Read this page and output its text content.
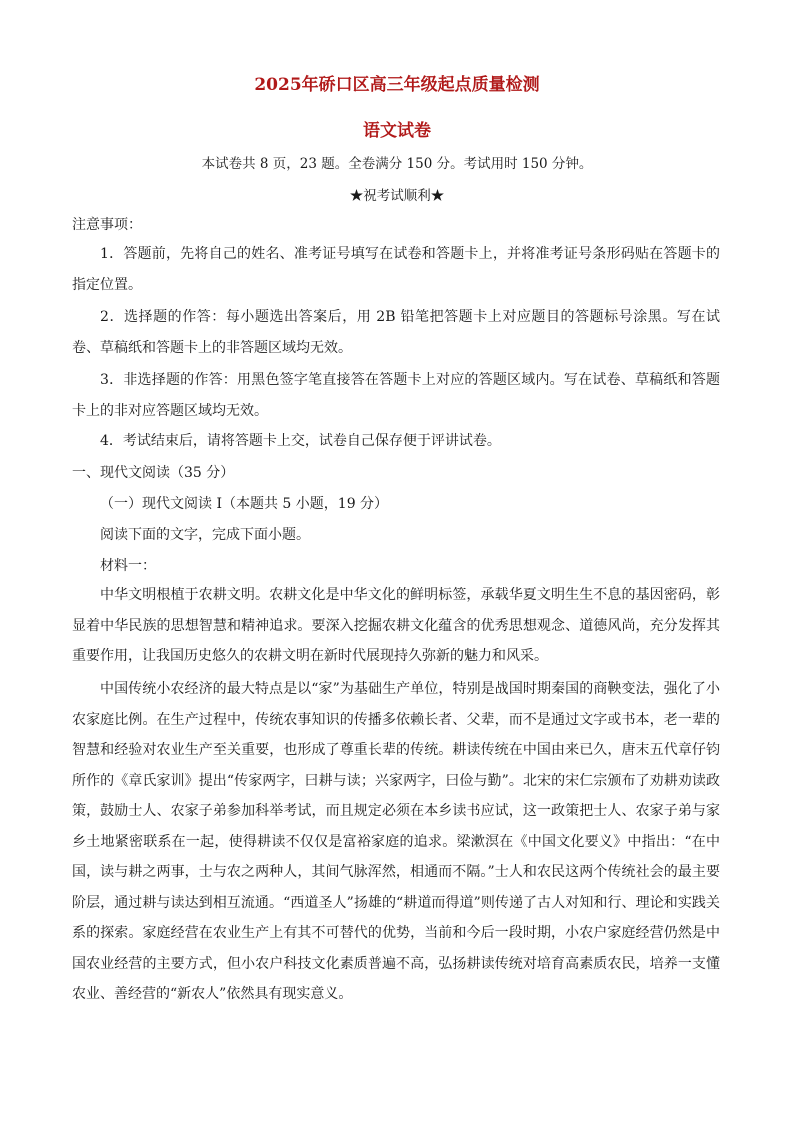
2025年硚口区高三年级起点质量检测
语文试卷
本试卷共 8 页，23 题。全卷满分 150 分。考试用时 150 分钟。
★祝考试顺利★
注意事项：

1．答题前，先将自己的姓名、准考证号填写在试卷和答题卡上，并将准考证号条形码贴在答题卡的指定位置。

2．选择题的作答：每小题选出答案后，用 2B 铅笔把答题卡上对应题目的答题标号涂黑。写在试卷、草稿纸和答题卡上的非答题区域均无效。

3．非选择题的作答：用黑色签字笔直接答在答题卡上对应的答题区域内。写在试卷、草稿纸和答题卡上的非对应答题区域均无效。

4．考试结束后，请将答题卡上交，试卷自己保存便于评讲试卷。

一、现代文阅读（35 分）
（一）现代文阅读 I（本题共 5 小题，19 分）
阅读下面的文字，完成下面小题。
材料一：

中华文明根植于农耕文明。农耕文化是中华文化的鲜明标签，承载华夏文明生生不息的基因密码，彰显着中华民族的思想智慧和精神追求。要深入挖掘农耕文化蕴含的优秀思想观念、道德风尚，充分发挥其重要作用，让我国历史悠久的农耕文明在新时代展现持久弥新的魅力和风采。

中国传统小农经济的最大特点是以“家”为基础生产单位，特别是战国时期秦国的商鞅变法，强化了小农家庭比例。在生产过程中，传统农事知识的传播多依赖长者、父辈，而不是通过文字或书本，老一辈的智慧和经验对农业生产至关重要，也形成了尊重长辈的传统。耕读传统在中国由来已久，唐末五代章仔钧所作的《章氏家训》提出“传家两字，曰耕与读；兴家两字，曰俭与勤”。北宋的宋仁宗颁布了劝耕劝读政策，鼓励士人、农家子弟参加科举考试，而且规定必须在本乡读书应试，这一政策把士人、农家子弟与家乡土地紧密联系在一起，使得耕读不仅仅是富裕家庭的追求。梁漱溟在《中国文化要义》中指出：“在中国，读与耕之两事，士与农之两种人，其间气脉浑然，相通而不隔。”士人和农民这两个传统社会的最主要阶层，通过耕与读达到相互流通。“西道圣人”扬雄的“耕道而得道”则传递了古人对知和行、理论和实践关系的探索。家庭经营在农业生产上有其不可替代的优势，当前和今后一段时期，小农户家庭经营仍然是中国农业经营的主要方式，但小农户科技文化素质普遍不高，弘扬耕读传统对培育高素质农民，培养一支懂农业、善经营的“新农人”依然具有现实意义。
